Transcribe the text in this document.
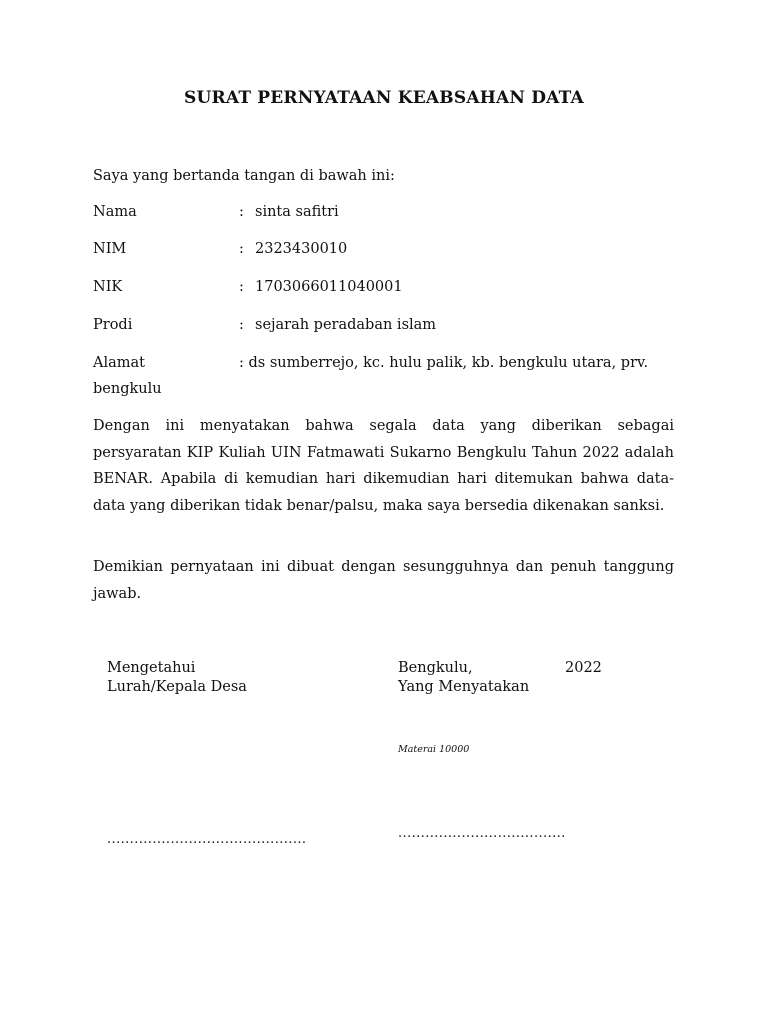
SURAT PERNYATAAN KEABSAHAN DATA
Saya yang bertanda tangan di bawah ini:
Nama	: sinta safitri
NIM	: 2323430010
NIK	: 1703066011040001
Prodi	: sejarah peradaban islam
Alamat	: ds sumberrejo, kc. hulu palik, kb. bengkulu utara, prv.
bengkulu

Dengan ini menyatakan bahwa segala data yang diberikan sebagai persyaratan KIP Kuliah UIN Fatmawati Sukarno Bengkulu Tahun 2022 adalah BENAR. Apabila di kemudian hari dikemudian hari ditemukan bahwa data-data yang diberikan tidak benar/palsu, maka saya bersedia dikenakan sanksi.

Demikian pernyataan ini dibuat dengan sesungguhnya dan penuh tanggung jawab.

Mengetahui
Lurah/Kepala Desa
Bengkulu,	2022
Yang Menyatakan
Materai 10000
............................................	.....................................
